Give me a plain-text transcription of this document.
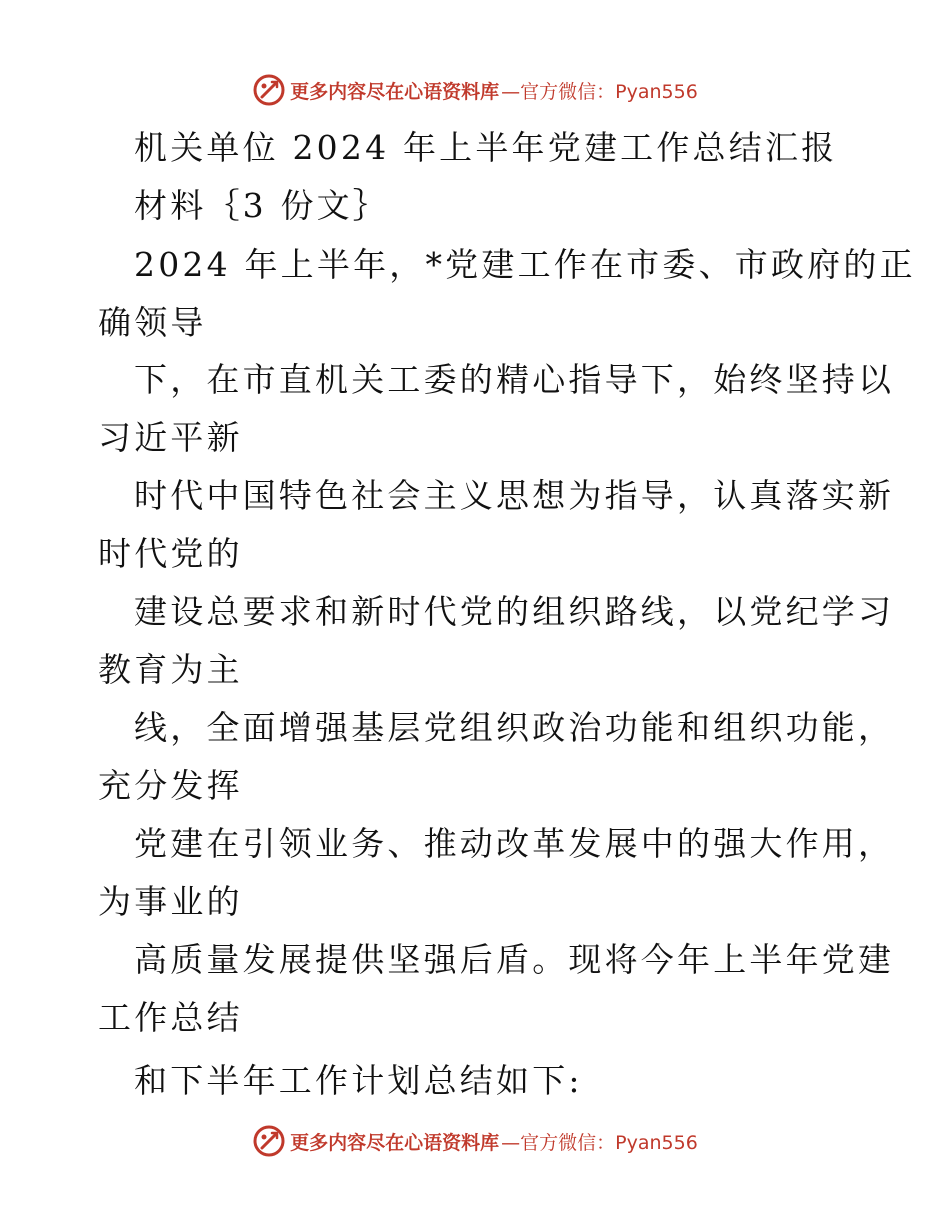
更多内容尽在心语资料库 —官方微信：Pyan556
机关单位 2024 年上半年党建工作总结汇报
材料｛3 份文｝
2024 年上半年，*党建工作在市委、市政府的正
确领导
下，在市直机关工委的精心指导下，始终坚持以
习近平新
时代中国特色社会主义思想为指导，认真落实新
时代党的
建设总要求和新时代党的组织路线，以党纪学习
教育为主
线，全面增强基层党组织政治功能和组织功能，
充分发挥
党建在引领业务、推动改革发展中的强大作用，
为事业的
高质量发展提供坚强后盾。现将今年上半年党建
工作总结
和下半年工作计划总结如下:
更多内容尽在心语资料库 —官方微信：Pyan556
